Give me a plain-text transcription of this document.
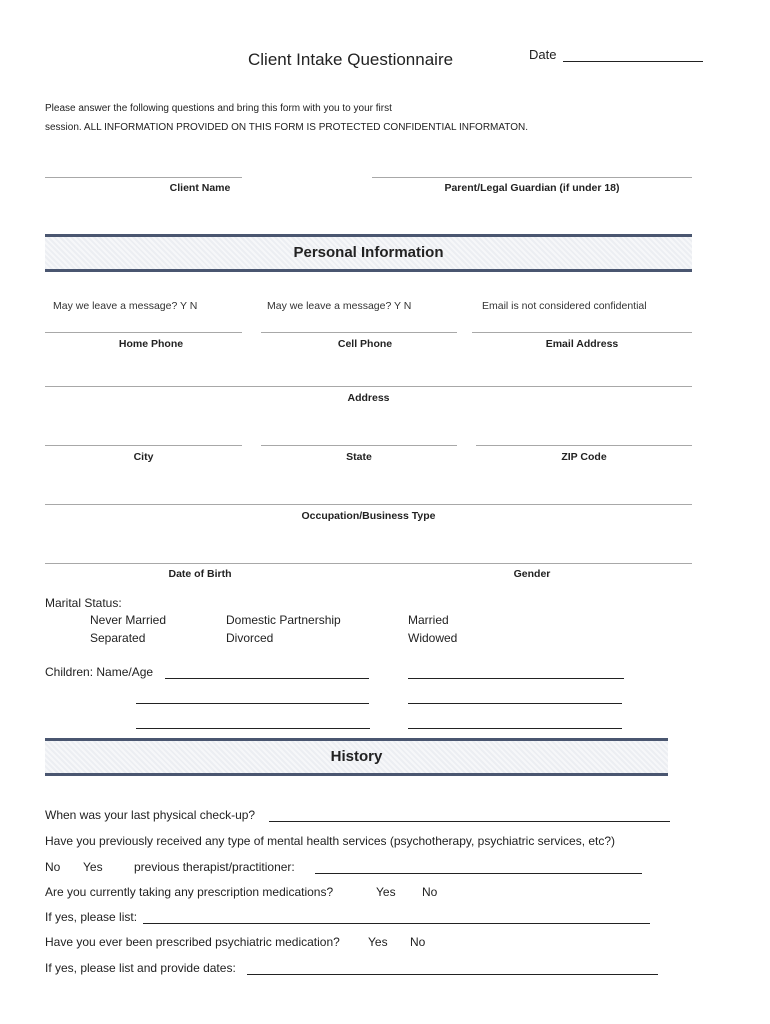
Client Intake Questionnaire	Date
Please answer the following questions and bring this form with you to your first
session. ALL INFORMATION PROVIDED ON THIS FORM IS PROTECTED CONFIDENTIAL INFORMATON.
Client Name	Parent/Legal Guardian (if under 18)
Personal Information
May we leave a message? Y N	May we leave a message? Y N	Email is not considered confidential
Home Phone	Cell Phone	Email Address
Address
City	State	ZIP Code
Occupation/Business Type
Date of Birth	Gender
Marital Status:
Never Married	Domestic Partnership	Married
Separated	Divorced	Widowed
Children: Name/Age
History
When was your last physical check-up?
Have you previously received any type of mental health services (psychotherapy, psychiatric services, etc?)
No Yes	previous therapist/practitioner:
Are you currently taking any prescription medications?	Yes No
If yes, please list:
Have you ever been prescribed psychiatric medication? Yes No
If yes, please list and provide dates:
